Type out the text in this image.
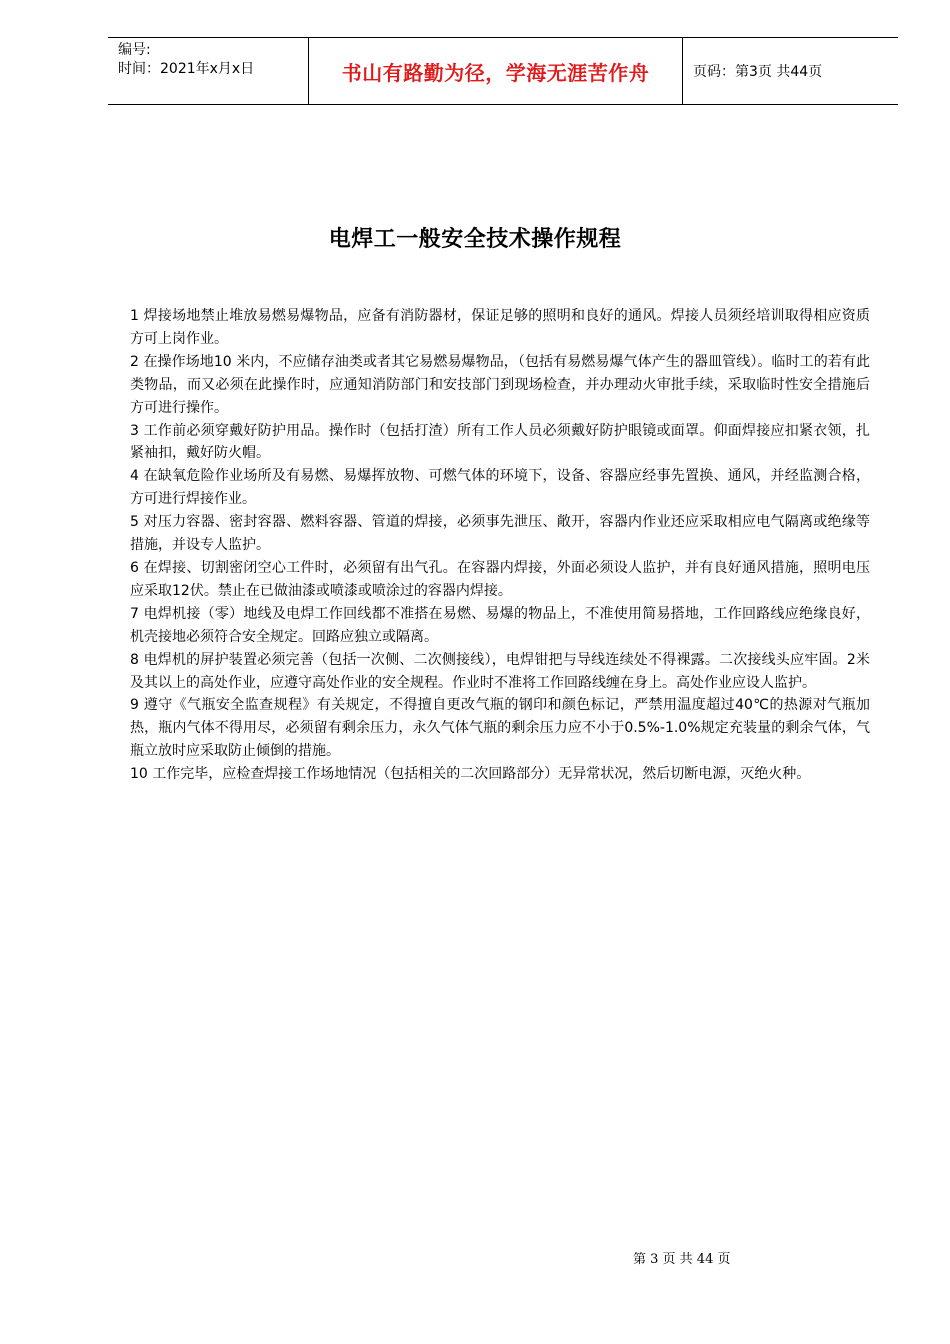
编号:
时间：2021年x月x日	书山有路勤为径，学海无涯苦作舟	页码：第3页 共44页
电焊工一般安全技术操作规程

1 焊接场地禁止堆放易燃易爆物品，应备有消防器材，保证足够的照明和良好的通风。焊接人员须经培训取得相应资质方可上岗作业。

2 在操作场地10 米内，不应储存油类或者其它易燃易爆物品，（包括有易燃易爆气体产生的器皿管线）。临时工的若有此类物品，而又必须在此操作时，应通知消防部门和安技部门到现场检查，并办理动火审批手续，采取临时性安全措施后方可进行操作。

3 工作前必须穿戴好防护用品。操作时（包括打渣）所有工作人员必须戴好防护眼镜或面罩。仰面焊接应扣紧衣领，扎紧袖扣，戴好防火帽。

4 在缺氧危险作业场所及有易燃、易爆挥放物、可燃气体的环境下，设备、容器应经事先置换、通风，并经监测合格，方可进行焊接作业。

5 对压力容器、密封容器、燃料容器、管道的焊接，必须事先泄压、敞开，容器内作业还应采取相应电气隔离或绝缘等措施，并设专人监护。

6 在焊接、切割密闭空心工件时，必须留有出气孔。在容器内焊接，外面必须设人监护，并有良好通风措施，照明电压应采取12伏。禁止在已做油漆或喷漆或喷涂过的容器内焊接。

7 电焊机接（零）地线及电焊工作回线都不准搭在易燃、易爆的物品上，不准使用简易搭地，工作回路线应绝缘良好，机壳接地必须符合安全规定。回路应独立或隔离。

8 电焊机的屏护装置必须完善（包括一次侧、二次侧接线），电焊钳把与导线连续处不得裸露。二次接线头应牢固。2米及其以上的高处作业，应遵守高处作业的安全规程。作业时不准将工作回路线缠在身上。高处作业应设人监护。

9 遵守《气瓶安全监查规程》有关规定，不得擅自更改气瓶的钢印和颜色标记，严禁用温度超过40℃的热源对气瓶加热，瓶内气体不得用尽，必须留有剩余压力，永久气体气瓶的剩余压力应不小于0.5%-1.0%规定充装量的剩余气体，气瓶立放时应采取防止倾倒的措施。

10 工作完毕，应检查焊接工作场地情况（包括相关的二次回路部分）无异常状况，然后切断电源，灭绝火种。

第 3 页 共 44 页
